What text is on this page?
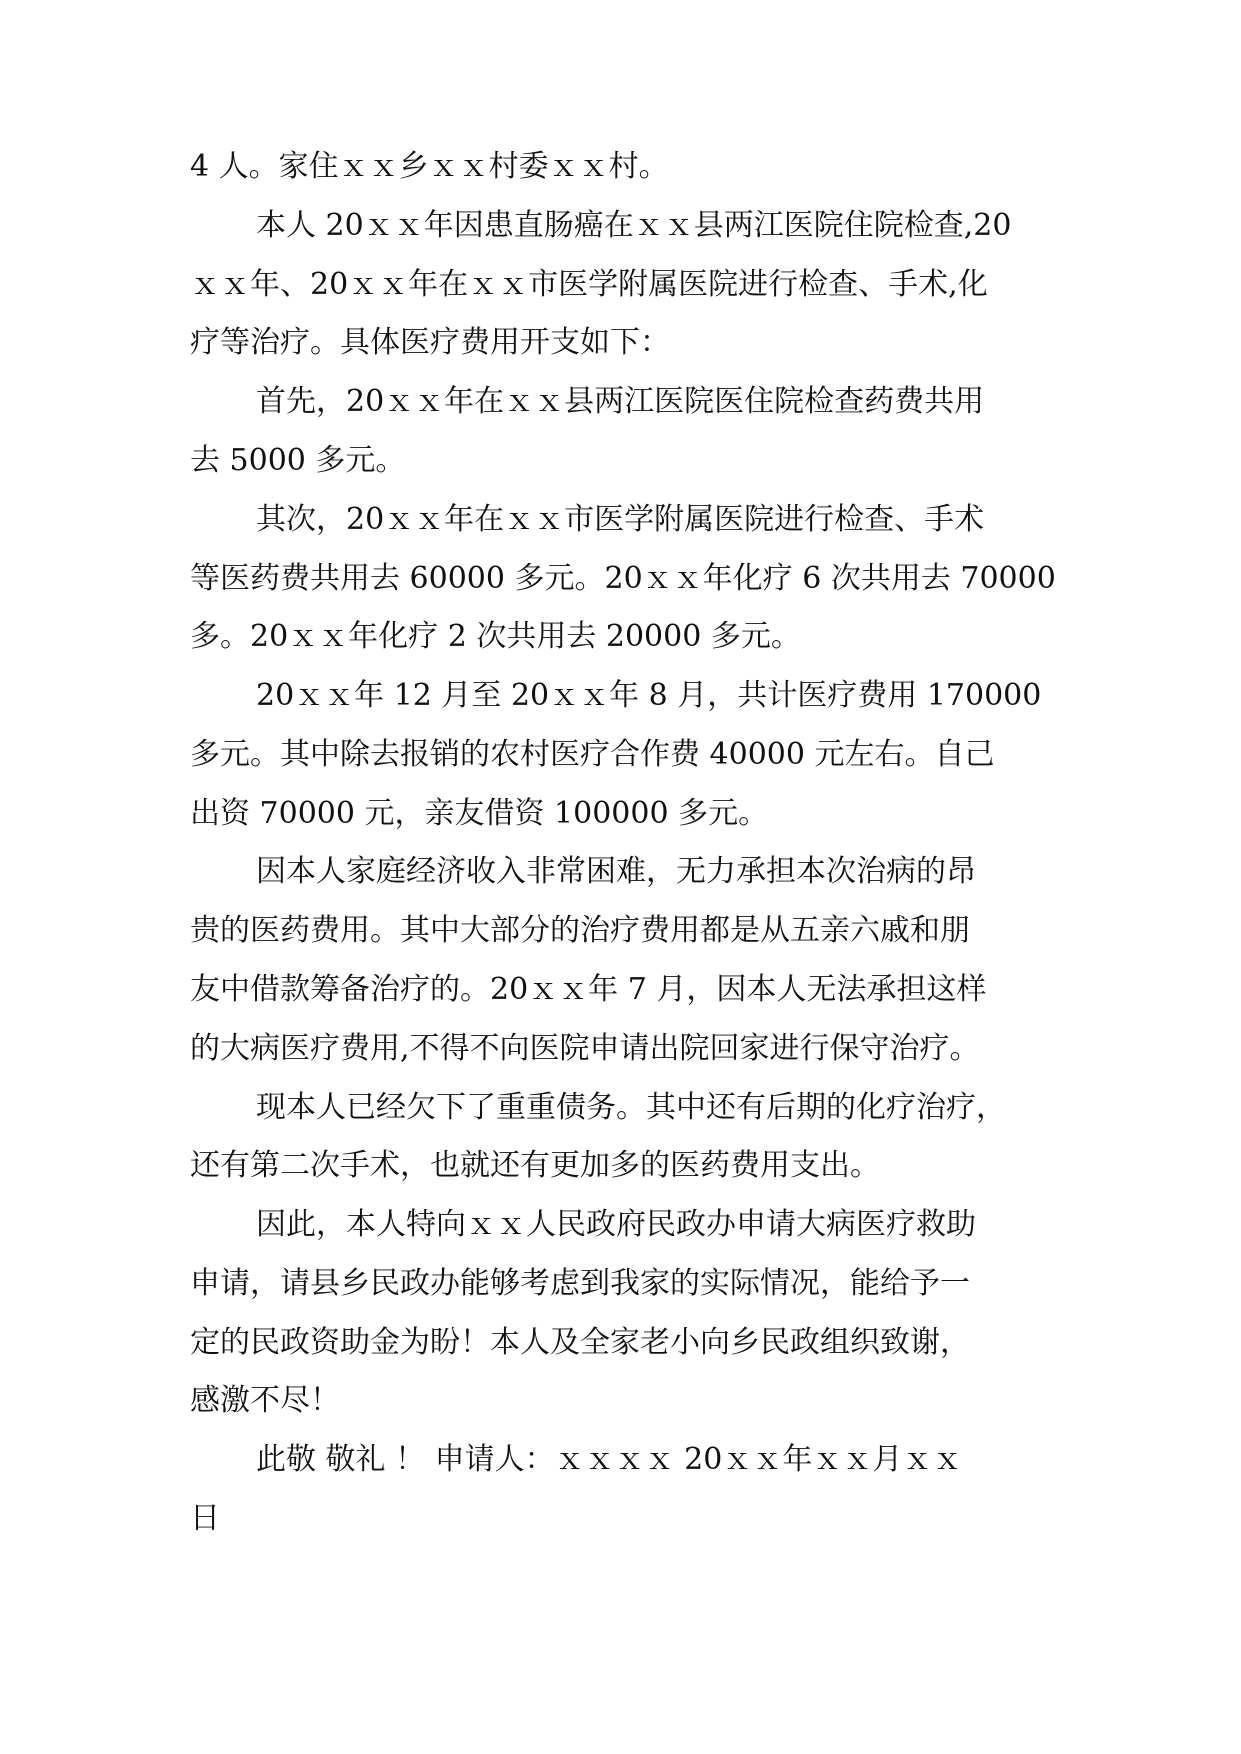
4 人。家住ｘｘ乡ｘｘ村委ｘｘ村。
本人 20ｘｘ年因患直肠癌在ｘｘ县两江医院住院检查,20
ｘｘ年、20ｘｘ年在ｘｘ市医学附属医院进行检查、手术,化
疗等治疗。具体医疗费用开支如下：
首先，20ｘｘ年在ｘｘ县两江医院医住院检查药费共用
去 5000 多元。
其次，20ｘｘ年在ｘｘ市医学附属医院进行检查、手术
等医药费共用去 60000 多元。20ｘｘ年化疗 6 次共用去 70000
多。20ｘｘ年化疗 2 次共用去 20000 多元。
20ｘｘ年 12 月至 20ｘｘ年 8 月，共计医疗费用 170000
多元。其中除去报销的农村医疗合作费 40000 元左右。自己
出资 70000 元，亲友借资 100000 多元。
因本人家庭经济收入非常困难，无力承担本次治病的昂
贵的医药费用。其中大部分的治疗费用都是从五亲六戚和朋
友中借款筹备治疗的。20ｘｘ年 7 月，因本人无法承担这样
的大病医疗费用,不得不向医院申请出院回家进行保守治疗。
现本人已经欠下了重重债务。其中还有后期的化疗治疗，
还有第二次手术，也就还有更加多的医药费用支出。
因此，本人特向ｘｘ人民政府民政办申请大病医疗救助
申请，请县乡民政办能够考虑到我家的实际情况，能给予一
定的民政资助金为盼！本人及全家老小向乡民政组织致谢，
感激不尽！
此敬 敬礼 ！ 申请人：ｘｘｘｘ 20ｘｘ年ｘｘ月ｘｘ
日
